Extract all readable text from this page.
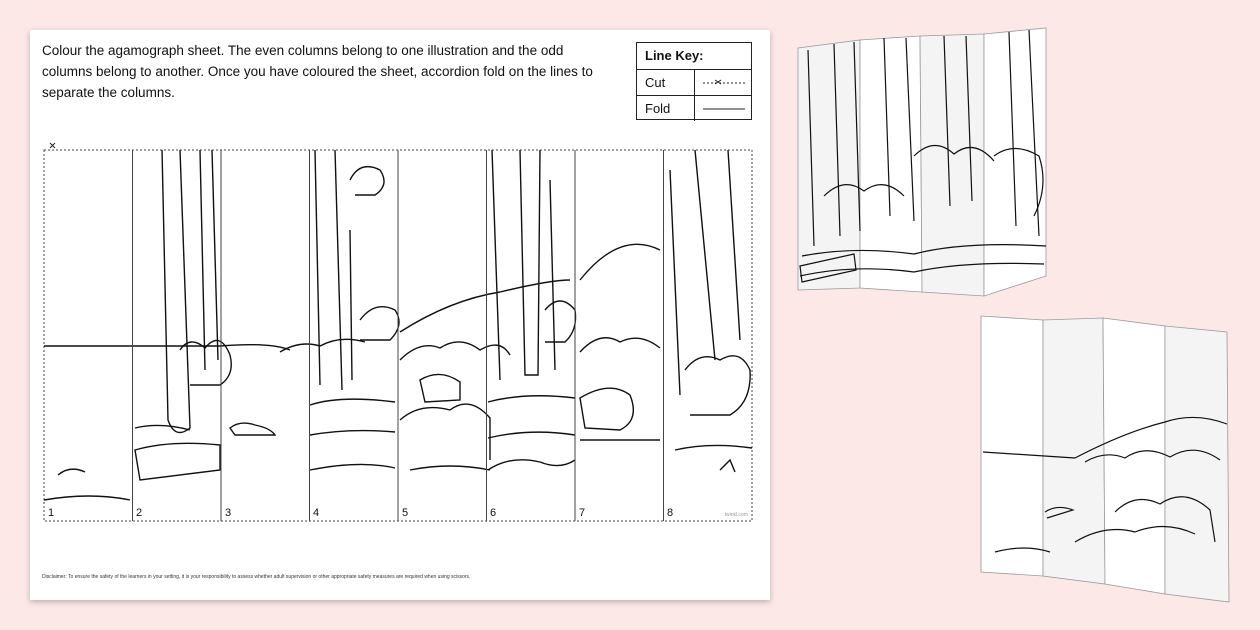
Colour the agamograph sheet. The even columns belong to one illustration and the odd columns belong to another. Once you have coloured the sheet, accordion fold on the lines to separate the columns.

Line Key:
Cut
Fold
1	2	3	4	5	6	7	8	twinkl.com

Disclaimer: To ensure the safety of the learners in your setting, it is your responsibility to assess whether adult supervision or other appropriate safety measures are required when using scissors.
